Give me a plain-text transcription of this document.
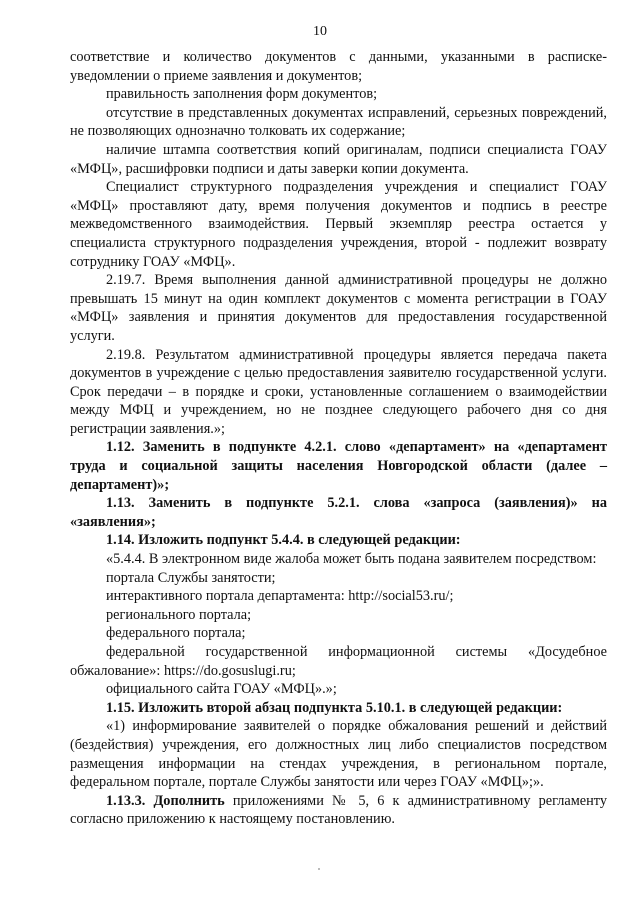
10

соответствие и количество документов с данными, указанными в расписке-уведомлении о приеме заявления и документов;

правильность заполнения форм документов;

отсутствие в представленных документах исправлений, серьезных повреждений, не позволяющих однозначно толковать их содержание;

наличие штампа соответствия копий оригиналам, подписи специалиста ГОАУ «МФЦ», расшифровки подписи и даты заверки копии документа.

Специалист структурного подразделения учреждения и специалист ГОАУ «МФЦ» проставляют дату, время получения документов и подпись в реестре межведомственного взаимодействия. Первый экземпляр реестра остается у специалиста структурного подразделения учреждения, второй - подлежит возврату сотруднику ГОАУ «МФЦ».

2.19.7. Время выполнения данной административной процедуры не должно превышать 15 минут на один комплект документов с момента регистрации в ГОАУ «МФЦ» заявления и принятия документов для предоставления государственной услуги.

2.19.8. Результатом административной процедуры является передача пакета документов в учреждение с целью предоставления заявителю государственной услуги. Срок передачи – в порядке и сроки, установленные соглашением о взаимодействии между МФЦ и учреждением, но не позднее следующего рабочего дня со дня регистрации заявления.»;

1.12. Заменить в подпункте 4.2.1. слово «департамент» на «департамент труда и социальной защиты населения Новгородской области (далее – департамент)»;

1.13. Заменить в подпункте 5.2.1. слова «запроса (заявления)» на «заявления»;

1.14. Изложить подпункт 5.4.4. в следующей редакции:

«5.4.4. В электронном виде жалоба может быть подана заявителем посредством:

портала Службы занятости;

интерактивного портала департамента: http://social53.ru/;

регионального портала;

федерального портала;

федеральной государственной информационной системы «Досудебное обжалование»: https://do.gosuslugi.ru;

официального сайта ГОАУ «МФЦ».»;

1.15. Изложить второй абзац подпункта 5.10.1. в следующей редакции:

«1) информирование заявителей о порядке обжалования решений и действий (бездействия) учреждения, его должностных лиц либо специалистов посредством размещения информации на стендах учреждения, в региональном портале, федеральном портале, портале Службы занятости или через ГОАУ «МФЦ»;».

1.13.3. Дополнить приложениями № 5, 6 к административному регламенту согласно приложению к настоящему постановлению.
